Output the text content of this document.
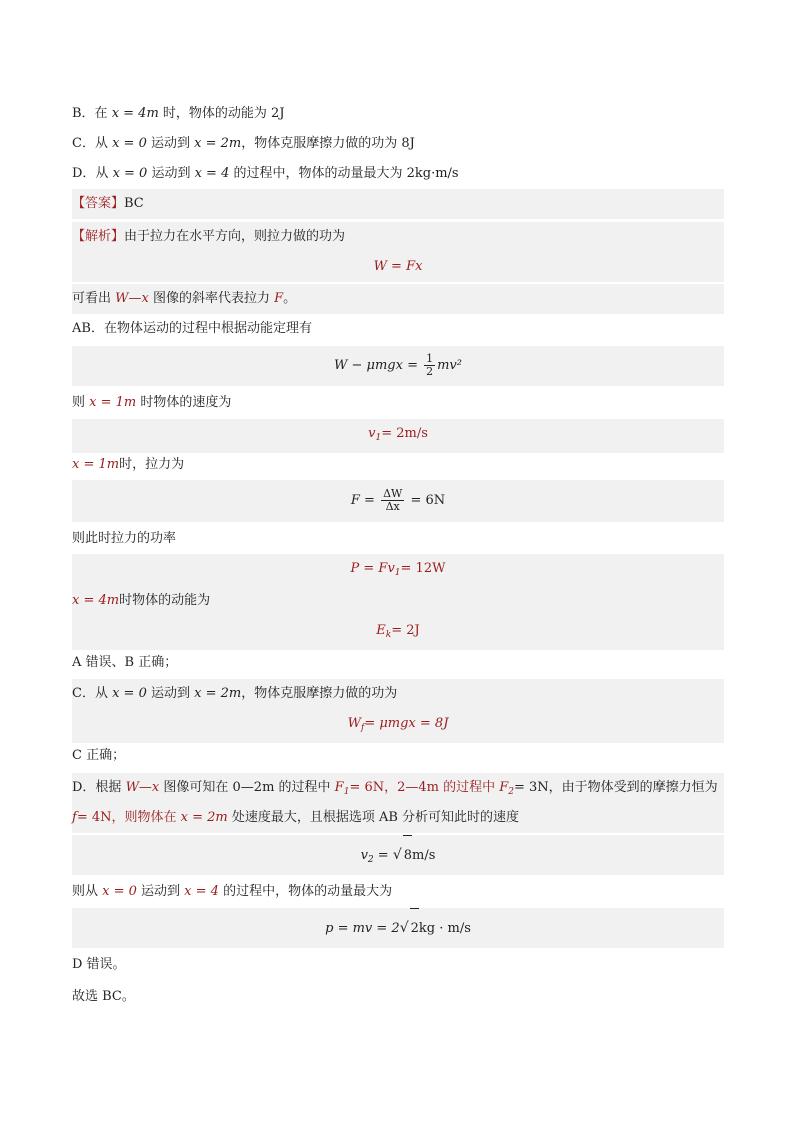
B．在 x = 4m 时，物体的动能为 2J
C．从 x = 0 运动到 x = 2m，物体克服摩擦力做的功为 8J
D．从 x = 0 运动到 x = 4 的过程中，物体的动量最大为 2kg·m/s
【答案】BC
【解析】由于拉力在水平方向，则拉力做的功为
W = Fx
可看出 W—x 图像的斜率代表拉力 F。
AB．在物体运动的过程中根据动能定理有
$W - \mu mgx = \frac{1}{2} mv^2$
则 x = 1m 时物体的速度为
$v_1= 2m/s$
x = 1m时，拉力为
$F = \frac{\Delta W}{\Delta x} = 6N$
则此时拉力的功率
$P = Fv_1= 12W$
x = 4m时物体的动能为
$E_k= 2J$
A 错误、B 正确；
C．从 x = 0 运动到 x = 2m，物体克服摩擦力做的功为
$W_f= \mu mgx = 8J$
C 正确；
D．根据 W—x 图像可知在 0—2m 的过程中 $F_1= 6N$，2—4m 的过程中 $F_2= 3N$，由于物体受到的摩擦力恒为
f= 4N，则物体在 x = 2m 处速度最大，且根据选项 AB 分析可知此时的速度
$v_2$ = √ 8m/s
则从 x = 0 运动到 x = 4 的过程中，物体的动量最大为
p = mv = 2√ 2kg · m/s
D 错误。
故选 BC。
